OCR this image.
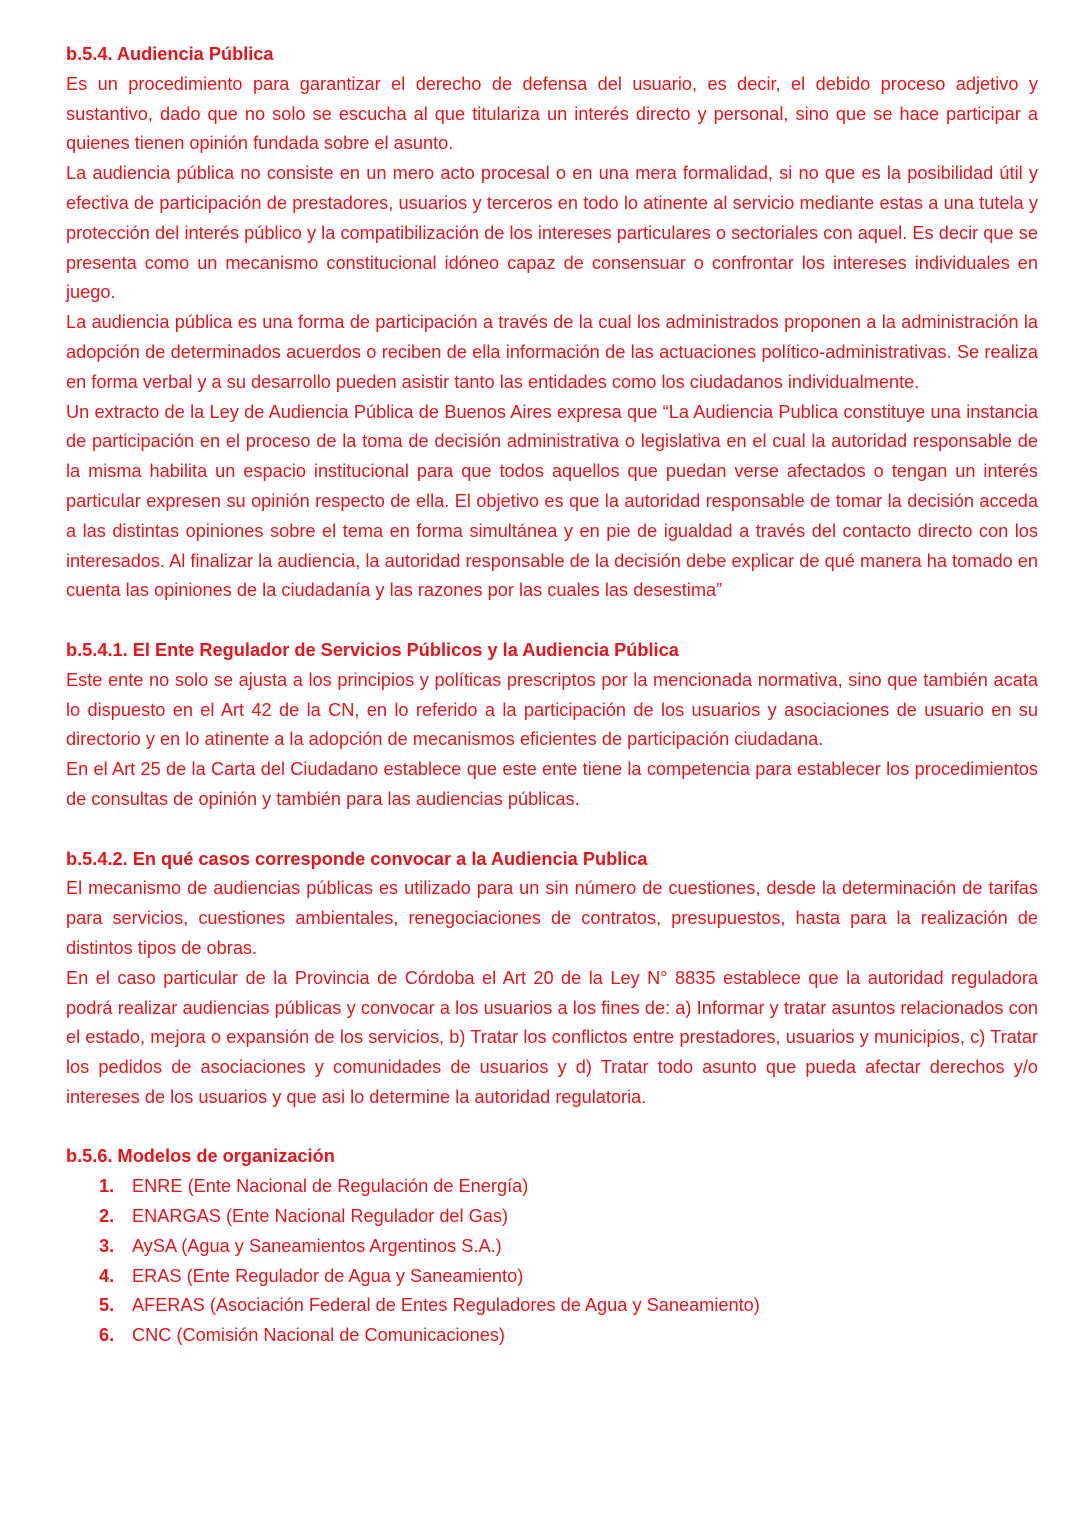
b.5.4. Audiencia Pública

Es un procedimiento para garantizar el derecho de defensa del usuario, es decir, el debido proceso adjetivo y sustantivo, dado que no solo se escucha al que titulariza un interés directo y personal, sino que se hace participar a quienes tienen opinión fundada sobre el asunto.

La audiencia pública no consiste en un mero acto procesal o en una mera formalidad, si no que es la posibilidad útil y efectiva de participación de prestadores, usuarios y terceros en todo lo atinente al servicio mediante estas a una tutela y protección del interés público y la compatibilización de los intereses particulares o sectoriales con aquel. Es decir que se presenta como un mecanismo constitucional idóneo capaz de consensuar o confrontar los intereses individuales en juego.

La audiencia pública es una forma de participación a través de la cual los administrados proponen a la administración la adopción de determinados acuerdos o reciben de ella información de las actuaciones político-administrativas. Se realiza en forma verbal y a su desarrollo pueden asistir tanto las entidades como los ciudadanos individualmente.

Un extracto de la Ley de Audiencia Pública de Buenos Aires expresa que “La Audiencia Publica constituye una instancia de participación en el proceso de la toma de decisión administrativa o legislativa en el cual la autoridad responsable de la misma habilita un espacio institucional para que todos aquellos que puedan verse afectados o tengan un interés particular expresen su opinión respecto de ella. El objetivo es que la autoridad responsable de tomar la decisión acceda a las distintas opiniones sobre el tema en forma simultánea y en pie de igualdad a través del contacto directo con los interesados. Al finalizar la audiencia, la autoridad responsable de la decisión debe explicar de qué manera ha tomado en cuenta las opiniones de la ciudadanía y las razones por las cuales las desestima”

b.5.4.1. El Ente Regulador de Servicios Públicos y la Audiencia Pública

Este ente no solo se ajusta a los principios y políticas prescriptos por la mencionada normativa, sino que también acata lo dispuesto en el Art 42 de la CN, en lo referido a la participación de los usuarios y asociaciones de usuario en su directorio y en lo atinente a la adopción de mecanismos eficientes de participación ciudadana.

En el Art 25 de la Carta del Ciudadano establece que este ente tiene la competencia para establecer los procedimientos de consultas de opinión y también para las audiencias públicas.

b.5.4.2. En qué casos corresponde convocar a la Audiencia Publica

El mecanismo de audiencias públicas es utilizado para un sin número de cuestiones, desde la determinación de tarifas para servicios, cuestiones ambientales, renegociaciones de contratos, presupuestos, hasta para la realización de distintos tipos de obras.

En el caso particular de la Provincia de Córdoba el Art 20 de la Ley N° 8835 establece que la autoridad reguladora podrá realizar audiencias públicas y convocar a los usuarios a los fines de: a) Informar y tratar asuntos relacionados con el estado, mejora o expansión de los servicios, b) Tratar los conflictos entre prestadores, usuarios y municipios, c) Tratar los pedidos de asociaciones y comunidades de usuarios y d) Tratar todo asunto que pueda afectar derechos y/o intereses de los usuarios y que asi lo determine la autoridad regulatoria.

b.5.6. Modelos de organización

1. ENRE (Ente Nacional de Regulación de Energía)
2. ENARGAS (Ente Nacional Regulador del Gas)
3. AySA (Agua y Saneamientos Argentinos S.A.)
4. ERAS (Ente Regulador de Agua y Saneamiento)
5. AFERAS (Asociación Federal de Entes Reguladores de Agua y Saneamiento)
6. CNC (Comisión Nacional de Comunicaciones)
